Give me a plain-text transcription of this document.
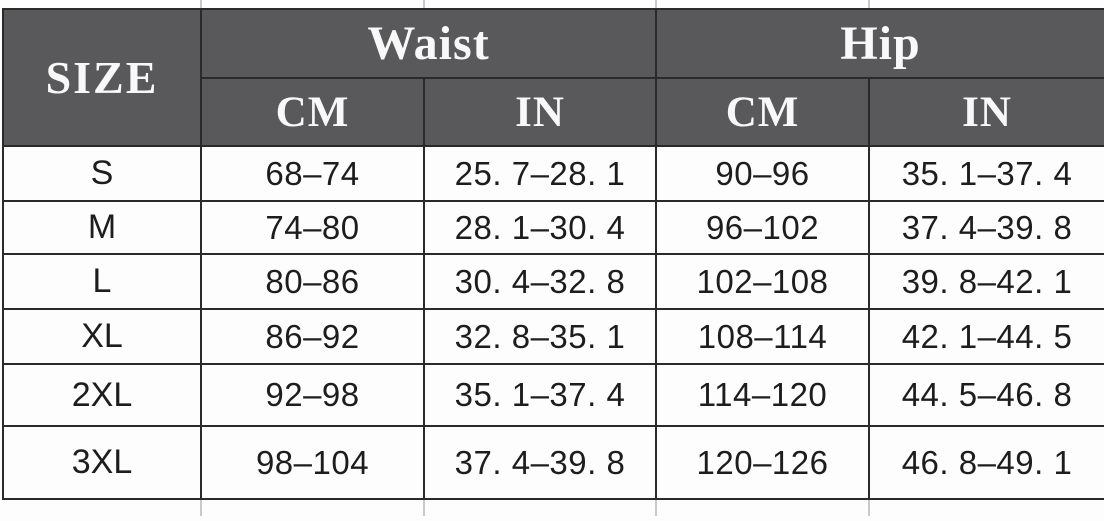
SIZE	Waist		Hip	
	CM	IN	CM	IN
S	68–74	25. 7–28. 1	90–96	35. 1–37. 4
M	74–80	28. 1–30. 4	96–102	37. 4–39. 8
L	80–86	30. 4–32. 8	102–108	39. 8–42. 1
XL	86–92	32. 8–35. 1	108–114	42. 1–44. 5
2XL	92–98	35. 1–37. 4	114–120	44. 5–46. 8
3XL	98–104	37. 4–39. 8	120–126	46. 8–49. 1
